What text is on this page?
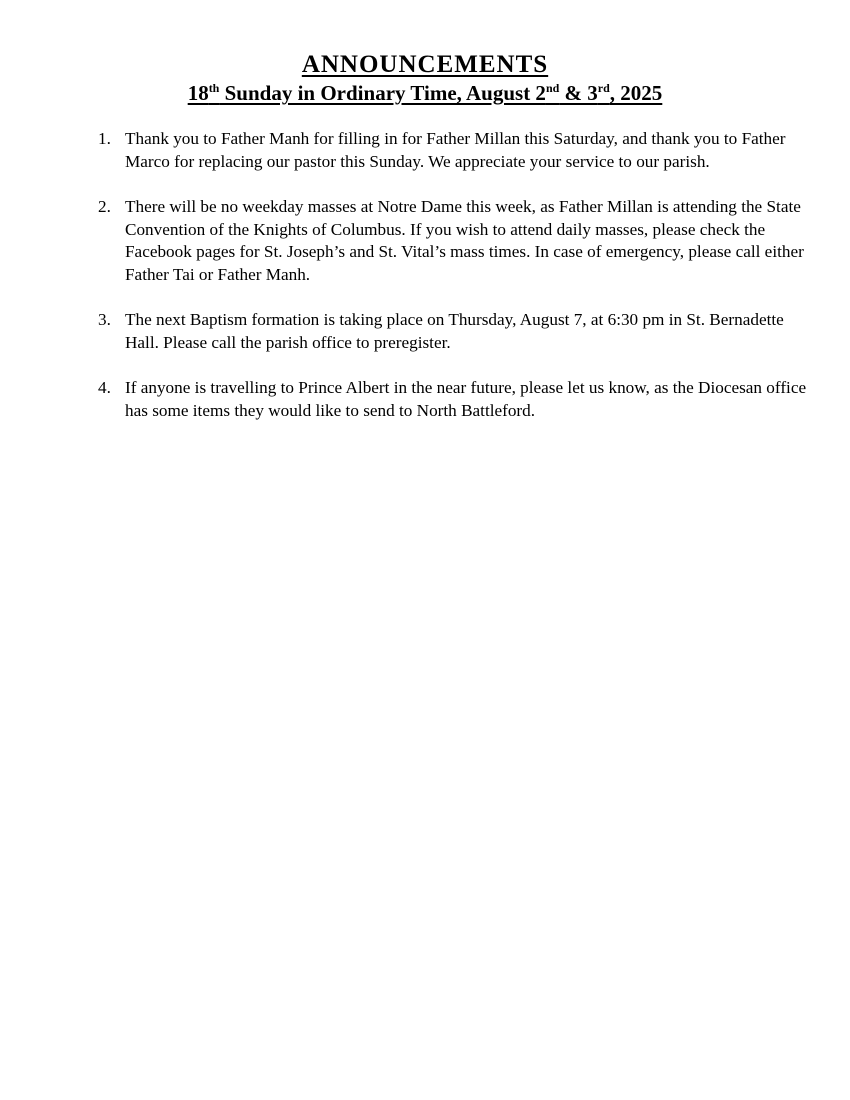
ANNOUNCEMENTS
18th Sunday in Ordinary Time, August 2nd & 3rd, 2025
1. Thank you to Father Manh for filling in for Father Millan this Saturday, and thank you to Father Marco for replacing our pastor this Sunday. We appreciate your service to our parish.
2. There will be no weekday masses at Notre Dame this week, as Father Millan is attending the State Convention of the Knights of Columbus. If you wish to attend daily masses, please check the Facebook pages for St. Joseph’s and St. Vital’s mass times. In case of emergency, please call either Father Tai or Father Manh.
3. The next Baptism formation is taking place on Thursday, August 7, at 6:30 pm in St. Bernadette Hall. Please call the parish office to preregister.
4. If anyone is travelling to Prince Albert in the near future, please let us know, as the Diocesan office has some items they would like to send to North Battleford.
